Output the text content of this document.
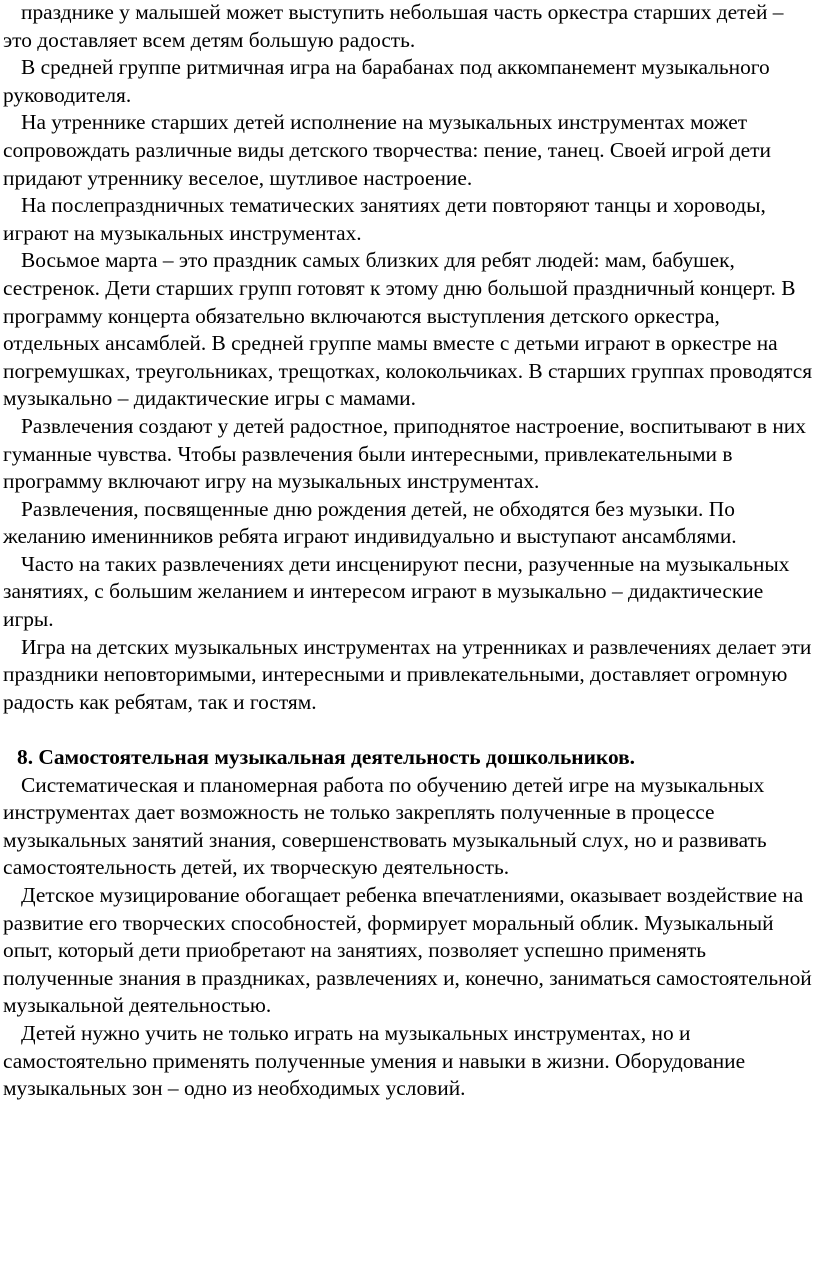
празднике у малышей может выступить небольшая часть оркестра старших детей – это доставляет всем детям большую радость.

В средней группе ритмичная игра на барабанах под аккомпанемент музыкального руководителя.

На утреннике старших детей исполнение на музыкальных инструментах может сопровождать различные виды детского творчества: пение, танец. Своей игрой дети придают утреннику веселое, шутливое настроение.

На послепраздничных тематических занятиях дети повторяют танцы и хороводы, играют на музыкальных инструментах.

Восьмое марта – это праздник самых близких для ребят людей: мам, бабушек, сестренок. Дети старших групп готовят к этому дню большой праздничный концерт. В программу концерта обязательно включаются выступления детского оркестра, отдельных ансамблей. В средней группе мамы вместе с детьми играют в оркестре на погремушках, треугольниках, трещотках, колокольчиках. В старших группах проводятся музыкально – дидактические игры с мамами.

Развлечения создают у детей радостное, приподнятое настроение, воспитывают в них гуманные чувства. Чтобы развлечения были интересными, привлекательными в программу включают игру на музыкальных инструментах.

Развлечения, посвященные дню рождения детей, не обходятся без музыки. По желанию именинников ребята играют индивидуально и выступают ансамблями.

Часто на таких развлечениях дети инсценируют песни, разученные на музыкальных занятиях, с большим желанием и интересом играют в музыкально – дидактические игры.

Игра на детских музыкальных инструментах на утренниках и развлечениях делает эти праздники неповторимыми, интересными и привлекательными, доставляет огромную радость как ребятам, так и гостям.

8. Самостоятельная музыкальная деятельность дошкольников.

Систематическая и планомерная работа по обучению детей игре на музыкальных инструментах дает возможность не только закреплять полученные в процессе музыкальных занятий знания, совершенствовать музыкальный слух, но и развивать самостоятельность детей, их творческую деятельность.

Детское музицирование обогащает ребенка впечатлениями, оказывает воздействие на развитие его творческих способностей, формирует моральный облик. Музыкальный опыт, который дети приобретают на занятиях, позволяет успешно применять полученные знания в праздниках, развлечениях и, конечно, заниматься самостоятельной музыкальной деятельностью.

Детей нужно учить не только играть на музыкальных инструментах, но и самостоятельно применять полученные умения и навыки в жизни. Оборудование музыкальных зон – одно из необходимых условий.
